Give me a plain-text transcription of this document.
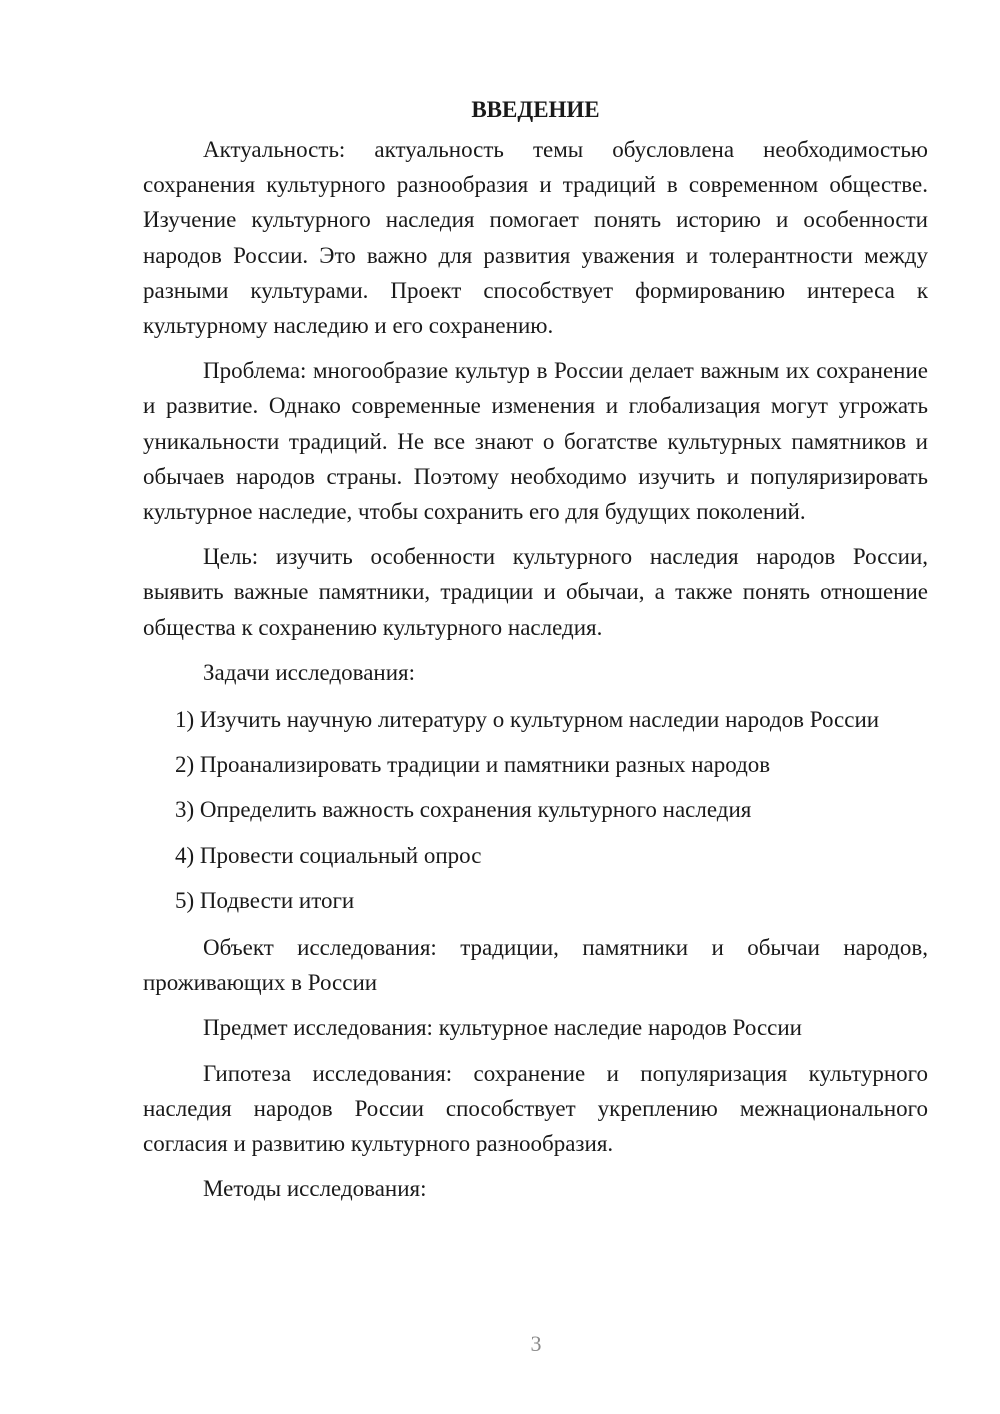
ВВЕДЕНИЕ

Актуальность: актуальность темы обусловлена необходимостью сохранения культурного разнообразия и традиций в современном обществе. Изучение культурного наследия помогает понять историю и особенности народов России. Это важно для развития уважения и толерантности между разными культурами. Проект способствует формированию интереса к культурному наследию и его сохранению.

Проблема: многообразие культур в России делает важным их сохранение и развитие. Однако современные изменения и глобализация могут угрожать уникальности традиций. Не все знают о богатстве культурных памятников и обычаев народов страны. Поэтому необходимо изучить и популяризировать культурное наследие, чтобы сохранить его для будущих поколений.

Цель: изучить особенности культурного наследия народов России, выявить важные памятники, традиции и обычаи, а также понять отношение общества к сохранению культурного наследия.

Задачи исследования:

1) Изучить научную литературу о культурном наследии народов России
2) Проанализировать традиции и памятники разных народов
3) Определить важность сохранения культурного наследия
4) Провести социальный опрос
5) Подвести итоги

Объект исследования: традиции, памятники и обычаи народов, проживающих в России

Предмет исследования: культурное наследие народов России

Гипотеза исследования: сохранение и популяризация культурного наследия народов России способствует укреплению межнационального согласия и развитию культурного разнообразия.

Методы исследования:

3
